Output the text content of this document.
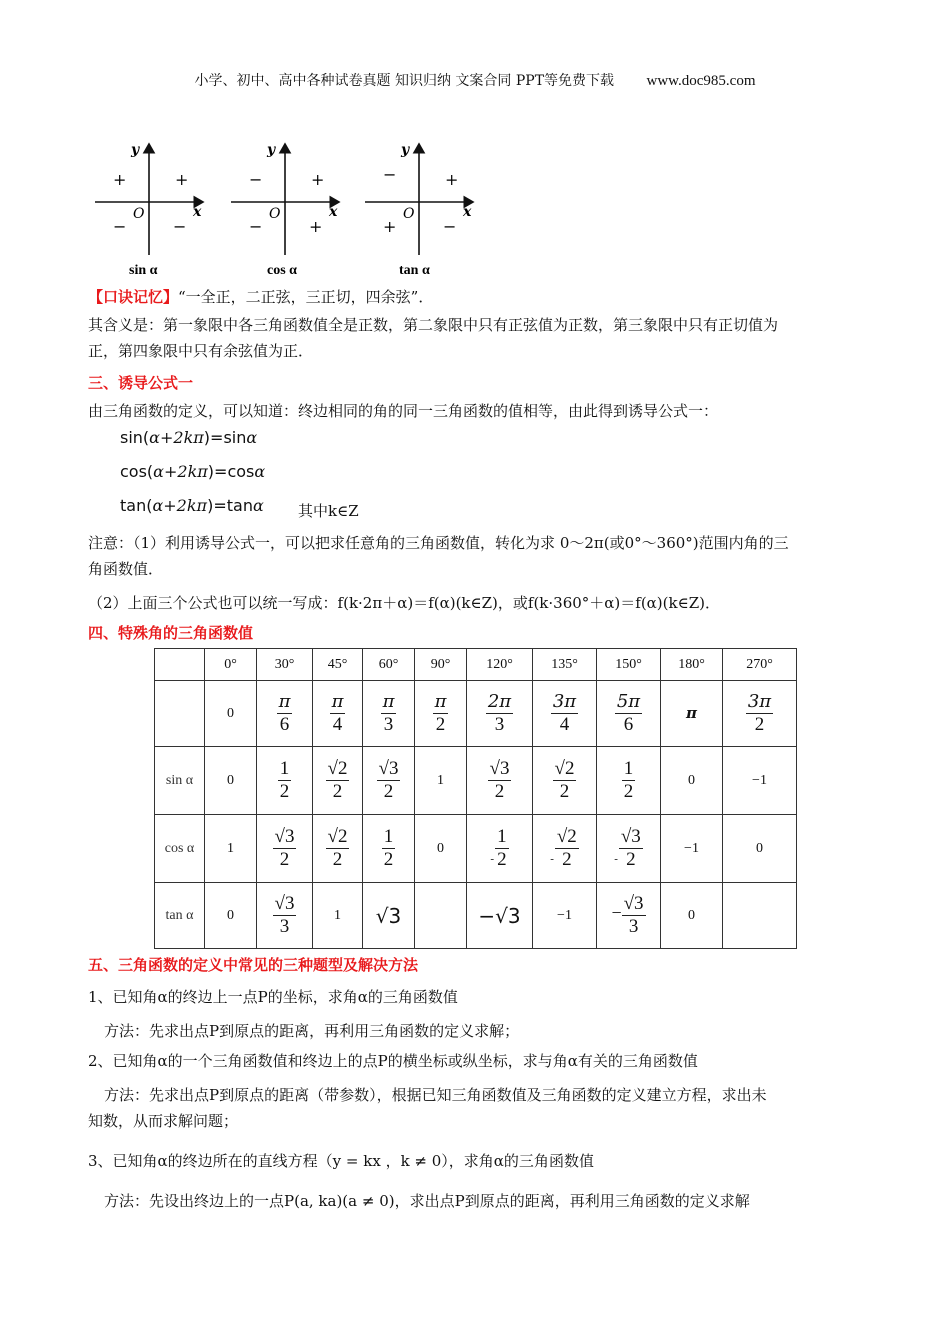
小学、初中、高中各种试卷真题 知识归纳 文案合同 PPT等免费下载 www.doc985.com
y
x
O
+
+
−	−
sin α
y
x
O
+
−
−	+
cos α
y
x
O
+
−
+	−
tan α
【口诀记忆】“一全正，二正弦，三正切，四余弦”．
其含义是：第一象限中各三角函数值全是正数，第二象限中只有正弦值为正数，第三象限中只有正切值为
正，第四象限中只有余弦值为正．
三、诱导公式一
由三角函数的定义，可以知道：终边相同的角的同一三角函数的值相等，由此得到诱导公式一：
sin(α+2kπ)=sinα
cos(α+2kπ)=cosα
tan(α+2kπ)=tanα 其中k∈Z
注意：（1）利用诱导公式一，可以把求任意角的三角函数值，转化为求 0～2π(或0°～360°)范围内角的三
角函数值．
（2）上面三个公式也可以统一写成：f(k·2π＋α)＝f(α)(k∈Z)，或f(k·360°＋α)＝f(α)(k∈Z)．
四、特殊角的三角函数值
	0°	30°	45°	60°	90°	120°	135°	150°	180°	270°
	0	$\frac{\pi}{6}$	$\frac{\pi}{4}$	$\frac{\pi}{3}$	$\frac{\pi}{2}$	$\frac{2\pi}{3}$	$\frac{3\pi}{4}$	$\frac{5\pi}{6}$	π	$\frac{3\pi}{2}$

sin α	0	$\frac{1}{2}$	$\frac{√2}{2}$	$\frac{√3}{2}$	1	$\frac{√3}{2}$	$\frac{√2}{2}$	$\frac{1}{2}$	0	−1
cos α	1	$\frac{√3}{2}$	$\frac{√2}{2}$	$\frac{1}{2}$	0	$_- \frac{1}{2}$	$_- \frac{√2}{2}$	$_- \frac{√3}{2}$	−1	0
tan α	0	$\frac{√3}{3}$	1	√3		−√3	−1	− $\frac{√3}{3}$	0	
五、三角函数的定义中常见的三种题型及解决方法
1、已知角α的终边上一点P的坐标，求角α的三角函数值
方法：先求出点P到原点的距离，再利用三角函数的定义求解；
2、已知角α的一个三角函数值和终边上的点P的横坐标或纵坐标，求与角α有关的三角函数值
方法：先求出点P到原点的距离（带参数），根据已知三角函数值及三角函数的定义建立方程，求出未
知数，从而求解问题；
3、已知角α的终边所在的直线方程（y = kx ，k ≠ 0），求角α的三角函数值
方法：先设出终边上的一点P(a, ka)(a ≠ 0)，求出点P到原点的距离，再利用三角函数的定义求解
